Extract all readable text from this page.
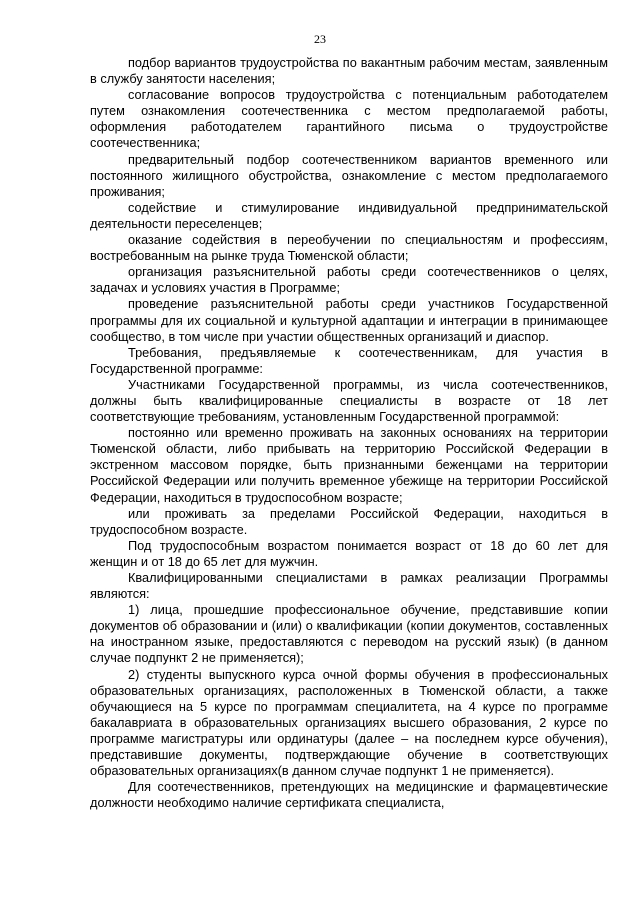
23

подбор вариантов трудоустройства по вакантным рабочим местам, заявленным в службу занятости населения;

согласование вопросов трудоустройства с потенциальным работодателем путем ознакомления соотечественника с местом предполагаемой работы, оформления работодателем гарантийного письма о трудоустройстве соотечественника;

предварительный подбор соотечественником вариантов временного или постоянного жилищного обустройства, ознакомление с местом предполагаемого проживания;

содействие и стимулирование индивидуальной предпринимательской деятельности переселенцев;

оказание содействия в переобучении по специальностям и профессиям, востребованным на рынке труда Тюменской области;

организация разъяснительной работы среди соотечественников о целях, задачах и условиях участия в Программе;

проведение разъяснительной работы среди участников Государственной программы для их социальной и культурной адаптации и интеграции в принимающее сообщество, в том числе при участии общественных организаций и диаспор.

Требования, предъявляемые к соотечественникам, для участия в Государственной программе:

Участниками Государственной программы, из числа соотечественников, должны быть квалифицированные специалисты в возрасте от 18 лет соответствующие требованиям, установленным Государственной программой:

постоянно или временно проживать на законных основаниях на территории Тюменской области, либо прибывать на территорию Российской Федерации в экстренном массовом порядке, быть признанными беженцами на территории Российской Федерации или получить временное убежище на территории Российской Федерации, находиться в трудоспособном возрасте;

или проживать за пределами Российской Федерации, находиться в трудоспособном возрасте.

Под трудоспособным возрастом понимается возраст от 18 до 60 лет для женщин и от 18 до 65 лет для мужчин.

Квалифицированными специалистами в рамках реализации Программы являются:

1) лица, прошедшие профессиональное обучение, представившие копии документов об образовании и (или) о квалификации (копии документов, составленных на иностранном языке, предоставляются с переводом на русский язык) (в данном случае подпункт 2 не применяется);

2) студенты выпускного курса очной формы обучения в профессиональных образовательных организациях, расположенных в Тюменской области, а также обучающиеся на 5 курсе по программам специалитета, на 4 курсе по программе бакалавриата в образовательных организациях высшего образования, 2 курсе по программе магистратуры или ординатуры (далее – на последнем курсе обучения), представившие документы, подтверждающие обучение в соответствующих образовательных организациях(в данном случае подпункт 1 не применяется).

Для соотечественников, претендующих на медицинские и фармацевтические должности необходимо наличие сертификата специалиста,
